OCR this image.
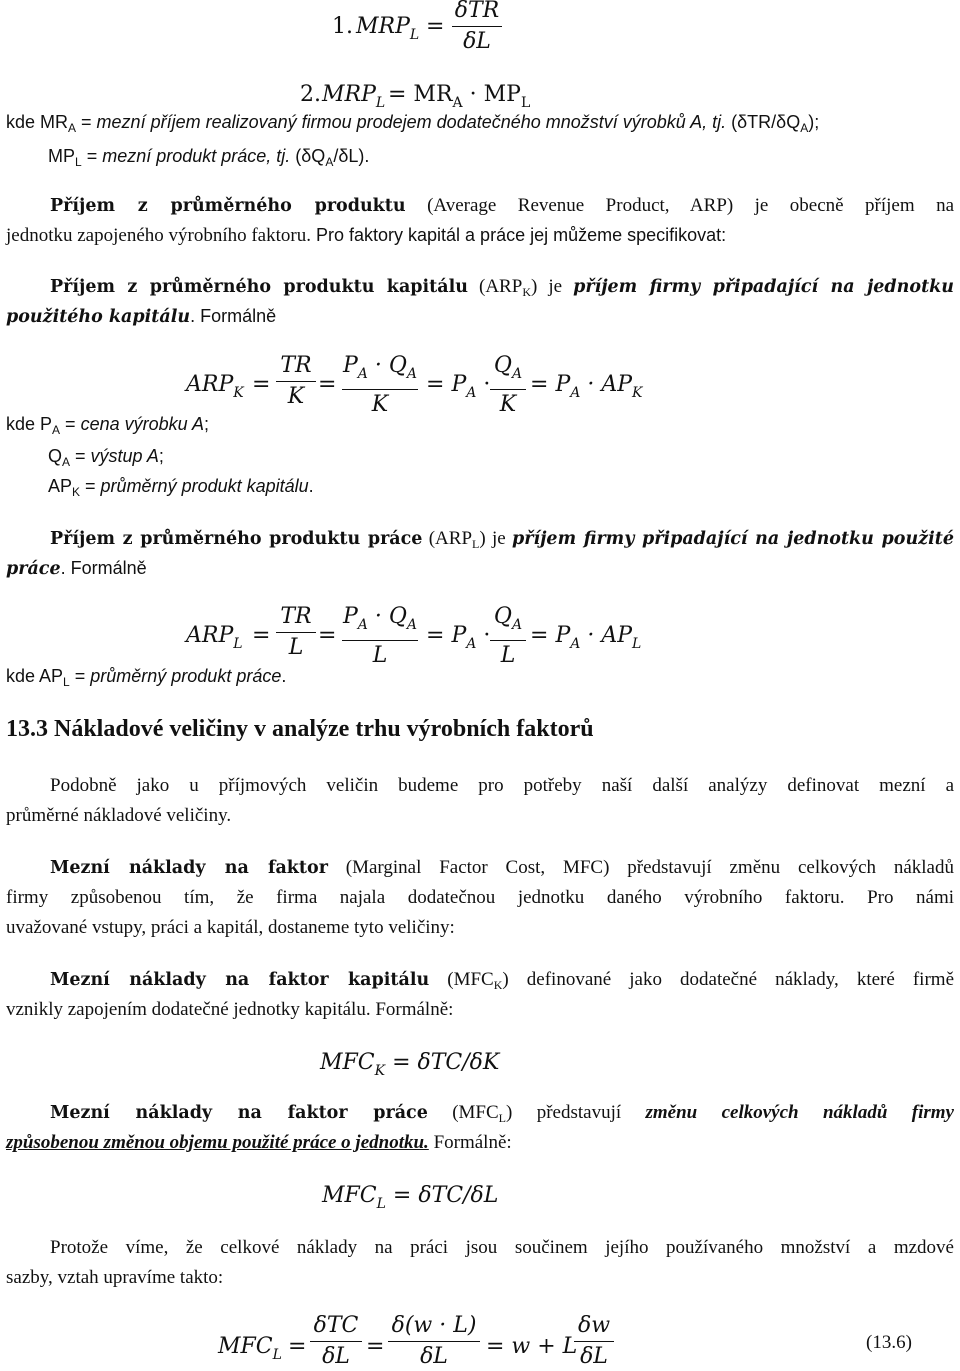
1. $MRP_L$ =
δTR
δL
2. $MRP_L = MR_A \cdot MP_L$
kde $MR_A$ = mezní příjem realizovaný firmou prodejem dodatečného množství výrobků A, tj. $(\delta TR/\delta Q_A)$;
$MP_L$ = mezní produkt práce, tj. $(\delta Q_A/\delta L)$.
Příjem z průměrného produktu (Average Revenue Product, ARP) je obecně příjem na
jednotku zapojeného výrobního faktoru. Pro faktory kapitál a práce jej můžeme specifikovat:
Příjem z průměrného produktu kapitálu $(ARP_K)$ je příjem firmy připadající na jednotku
použitého kapitálu. Formálně
$ARP_K$ =
TR
K =
$P_A \cdot Q_A$
K
= $P_A$ ·
$Q_A$
K
= $P_A \cdot AP_K$
kde $P_A$ = cena výrobku A;
$Q_A$ = výstup A;
$AP_K$ = průměrný produkt kapitálu.
Příjem z průměrného produktu práce $(ARP_L)$ je příjem firmy připadající na jednotku použité
práce. Formálně
$ARP_L$ =
TR
L =
$P_A \cdot Q_A$
L
= $P_A$ ·
$Q_A$
L
= $P_A \cdot AP_L$
kde $AP_L$ = průměrný produkt práce.
13.3 Nákladové veličiny v analýze trhu výrobních faktorů
Podobně jako u příjmových veličin budeme pro potřeby naší další analýzy definovat mezní a
průměrné nákladové veličiny.
Mezní náklady na faktor (Marginal Factor Cost, MFC) představují změnu celkových nákladů
firmy způsobenou tím, že firma najala dodatečnou jednotku daného výrobního faktoru. Pro námi
uvažované vstupy, práci a kapitál, dostaneme tyto veličiny:
Mezní náklady na faktor kapitálu $(MFC_K)$ definované jako dodatečné náklady, které firmě
vznikly zapojením dodatečné jednotky kapitálu. Formálně:
$MFC_K = \delta TC/\delta K$
Mezní náklady na faktor práce $(MFC_L)$ představují změnu celkových nákladů firmy
způsobenou změnou objemu použité práce o jednotku. Formálně:
$MFC_L = \delta TC/\delta L$
Protože víme, že celkové náklady na práci jsou součinem jejího používaného množství a mzdové
sazby, vztah upravíme takto:
$MFC_L$ =
δTC
δL =
δ(w · L)
δL	= w + L
δw
δL
(13.6)
